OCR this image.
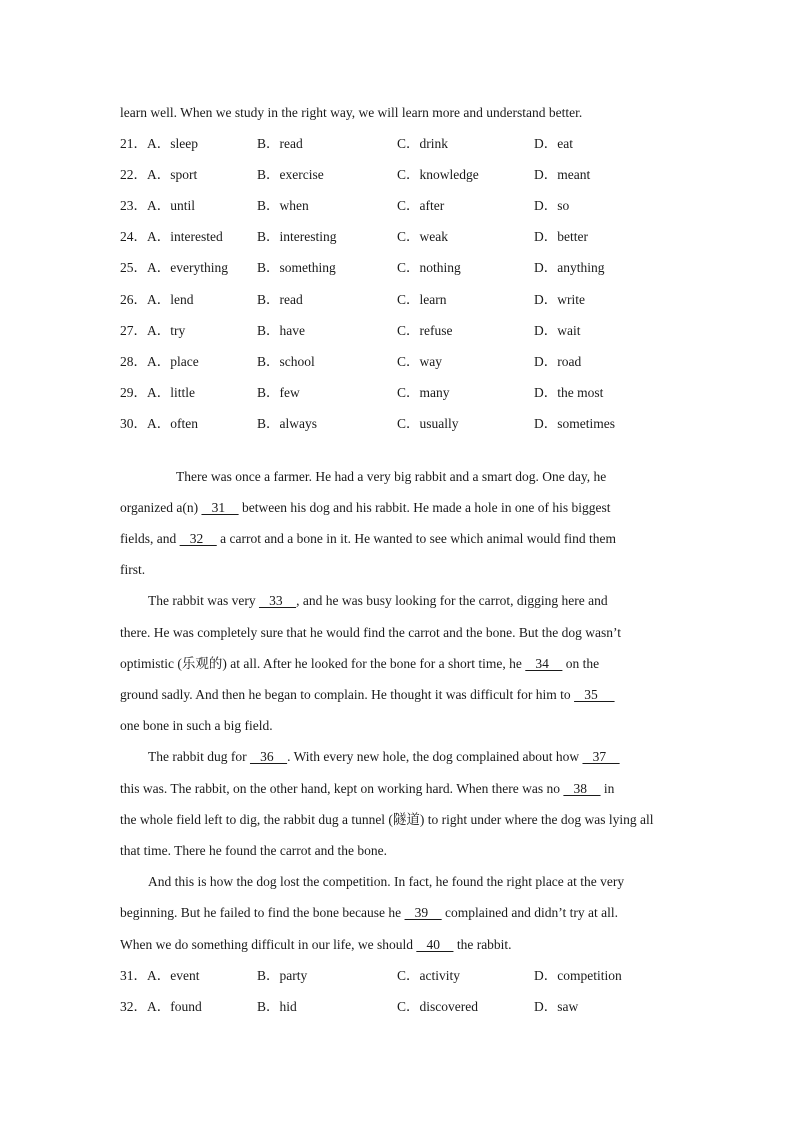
learn well. When we study in the right way, we will learn more and understand better.
21．A．sleep	B．read	C．drink	D．eat
22．A．sport	B．exercise	C．knowledge	D．meant
23．A．until	B．when	C．after	D．so
24．A．interested	B．interesting	C．weak	D．better
25．A．everything B．something	C．nothing	D．anything
26．A．lend	B．read	C．learn	D．write
27．A．try	B．have	C．refuse	D．wait
28．A．place	B．school	C．way	D．road
29．A．little	B．few	C．many	D．the most
30．A．often	B．always	C．usually	D．sometimes
There was once a farmer. He had a very big rabbit and a smart dog. One day, he
organized a(n)    31     between his dog and his rabbit. He made a hole in one of his biggest
fields, and    32     a carrot and a bone in it. He wanted to see which animal would find them
first.
The rabbit was very    33    , and he was busy looking for the carrot, digging here and
there. He was completely sure that he would find the carrot and the bone. But the dog wasn’t
optimistic (乐观的) at all. After he looked for the bone for a short time, he    34     on the
ground sadly. And then he began to complain. He thought it was difficult for him to    35
one bone in such a big field.
The rabbit dug for    36    . With every new hole, the dog complained about how    37
this was. The rabbit, on the other hand, kept on working hard. When there was no    38     in
the whole field left to dig, the rabbit dug a tunnel (隧道) to right under where the dog was lying all
that time. There he found the carrot and the bone.
And this is how the dog lost the competition. In fact, he found the right place at the very
beginning. But he failed to find the bone because he    39     complained and didn’t try at all.
When we do something difficult in our life, we should    40     the rabbit.
31．A．event	B．party	C．activity	D．competition
32．A．found	B．hid	C．discovered	D．saw
